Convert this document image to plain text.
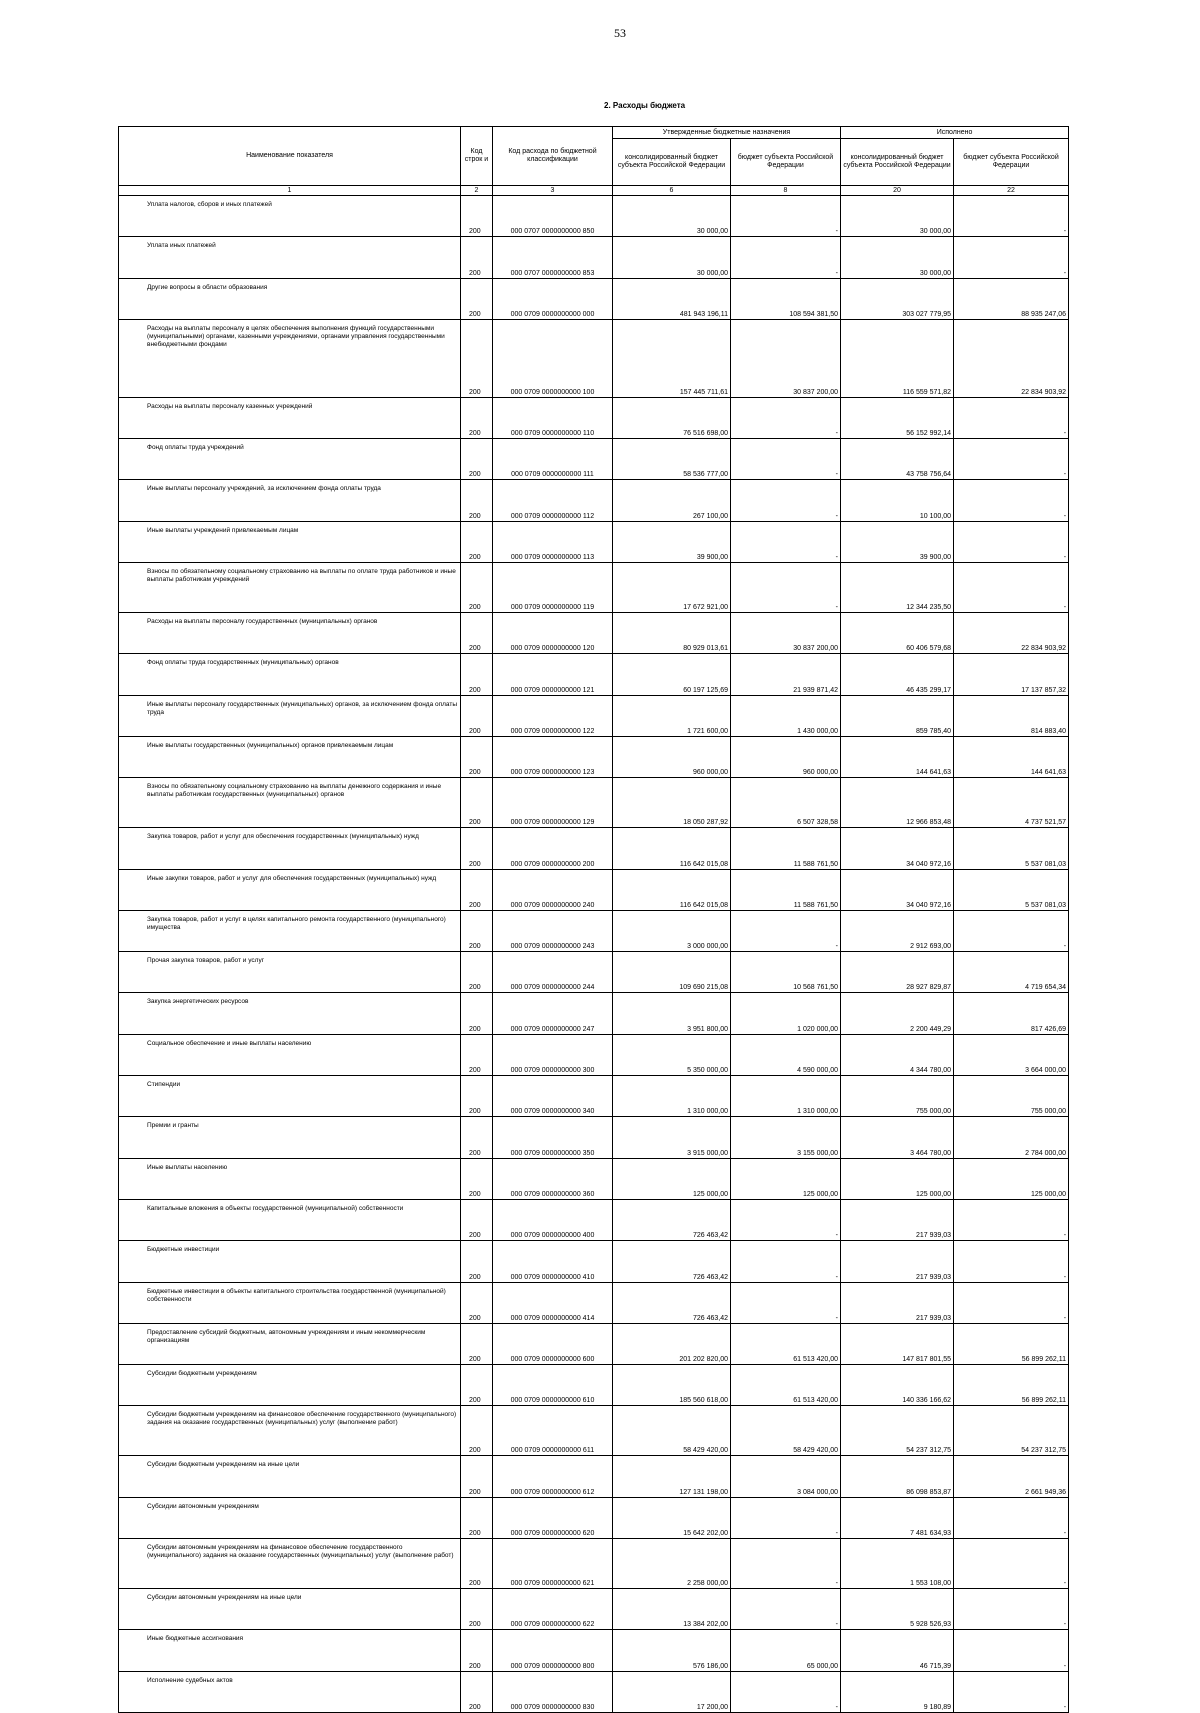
53
2. Расходы бюджета
Наименование показателя	Код строк и	Код расхода по бюджетной классификации	Утвержденные бюджетные назначения		Исполнено	
			консолидированный бюджет субъекта Российской Федерации	бюджет субъекта Российской Федерации	консолидированный бюджет субъекта Российской Федерации	бюджет субъекта Российской Федерации
1	2	3	6	8	20	22
Уплата налогов, сборов и иных платежей	200	000 0707 0000000000 850	30 000,00	-	30 000,00	-
Уплата иных платежей	200	000 0707 0000000000 853	30 000,00	-	30 000,00	-
Другие вопросы в области образования	200	000 0709 0000000000 000	481 943 196,11	108 594 381,50	303 027 779,95	88 935 247,06
Расходы на выплаты персоналу в целях обеспечения выполнения функций государственными (муниципальными) органами, казенными учреждениями, органами управления государственными внебюджетными фондами	200	000 0709 0000000000 100	157 445 711,61	30 837 200,00	116 559 571,82	22 834 903,92
Расходы на выплаты персоналу казенных учреждений	200	000 0709 0000000000 110	76 516 698,00	-	56 152 992,14	-
Фонд оплаты труда учреждений	200	000 0709 0000000000 111	58 536 777,00	-	43 758 756,64	-
Иные выплаты персоналу учреждений, за исключением фонда оплаты труда	200	000 0709 0000000000 112	267 100,00	-	10 100,00	-
Иные выплаты учреждений привлекаемым лицам	200	000 0709 0000000000 113	39 900,00	-	39 900,00	-
Взносы по обязательному социальному страхованию на выплаты по оплате труда работников и иные выплаты работникам учреждений	200	000 0709 0000000000 119	17 672 921,00	-	12 344 235,50	-
Расходы на выплаты персоналу государственных (муниципальных) органов	200	000 0709 0000000000 120	80 929 013,61	30 837 200,00	60 406 579,68	22 834 903,92
Фонд оплаты труда государственных (муниципальных) органов	200	000 0709 0000000000 121	60 197 125,69	21 939 871,42	46 435 299,17	17 137 857,32
Иные выплаты персоналу государственных (муниципальных) органов, за исключением фонда оплаты труда	200	000 0709 0000000000 122	1 721 600,00	1 430 000,00	859 785,40	814 883,40
Иные выплаты государственных (муниципальных) органов привлекаемым лицам	200	000 0709 0000000000 123	960 000,00	960 000,00	144 641,63	144 641,63
Взносы по обязательному социальному страхованию на выплаты денежного содержания и иные выплаты работникам государственных (муниципальных) органов	200	000 0709 0000000000 129	18 050 287,92	6 507 328,58	12 966 853,48	4 737 521,57
Закупка товаров, работ и услуг для обеспечения государственных (муниципальных) нужд	200	000 0709 0000000000 200	116 642 015,08	11 588 761,50	34 040 972,16	5 537 081,03
Иные закупки товаров, работ и услуг для обеспечения государственных (муниципальных) нужд	200	000 0709 0000000000 240	116 642 015,08	11 588 761,50	34 040 972,16	5 537 081,03
Закупка товаров, работ и услуг в целях капитального ремонта государственного (муниципального) имущества	200	000 0709 0000000000 243	3 000 000,00	-	2 912 693,00	-
Прочая закупка товаров, работ и услуг	200	000 0709 0000000000 244	109 690 215,08	10 568 761,50	28 927 829,87	4 719 654,34
Закупка энергетических ресурсов	200	000 0709 0000000000 247	3 951 800,00	1 020 000,00	2 200 449,29	817 426,69
Социальное обеспечение и иные выплаты населению	200	000 0709 0000000000 300	5 350 000,00	4 590 000,00	4 344 780,00	3 664 000,00
Стипендии	200	000 0709 0000000000 340	1 310 000,00	1 310 000,00	755 000,00	755 000,00
Премии и гранты	200	000 0709 0000000000 350	3 915 000,00	3 155 000,00	3 464 780,00	2 784 000,00
Иные выплаты населению	200	000 0709 0000000000 360	125 000,00	125 000,00	125 000,00	125 000,00
Капитальные вложения в объекты государственной (муниципальной) собственности	200	000 0709 0000000000 400	726 463,42	-	217 939,03	-
Бюджетные инвестиции	200	000 0709 0000000000 410	726 463,42	-	217 939,03	-
Бюджетные инвестиции в объекты капитального строительства государственной (муниципальной) собственности	200	000 0709 0000000000 414	726 463,42	-	217 939,03	-
Предоставление субсидий бюджетным, автономным учреждениям и иным некоммерческим организациям	200	000 0709 0000000000 600	201 202 820,00	61 513 420,00	147 817 801,55	56 899 262,11
Субсидии бюджетным учреждениям	200	000 0709 0000000000 610	185 560 618,00	61 513 420,00	140 336 166,62	56 899 262,11
Субсидии бюджетным учреждениям на финансовое обеспечение государственного (муниципального) задания на оказание государственных (муниципальных) услуг (выполнение работ)	200	000 0709 0000000000 611	58 429 420,00	58 429 420,00	54 237 312,75	54 237 312,75
Субсидии бюджетным учреждениям на иные цели	200	000 0709 0000000000 612	127 131 198,00	3 084 000,00	86 098 853,87	2 661 949,36
Субсидии автономным учреждениям	200	000 0709 0000000000 620	15 642 202,00	-	7 481 634,93	-
Субсидии автономным учреждениям на финансовое обеспечение государственного (муниципального) задания на оказание государственных (муниципальных) услуг (выполнение работ)	200	000 0709 0000000000 621	2 258 000,00	-	1 553 108,00	-
Субсидии автономным учреждениям на иные цели	200	000 0709 0000000000 622	13 384 202,00	-	5 928 526,93	-
Иные бюджетные ассигнования	200	000 0709 0000000000 800	576 186,00	65 000,00	46 715,39	-
Исполнение судебных актов	200	000 0709 0000000000 830	17 200,00	-	9 180,89	-
